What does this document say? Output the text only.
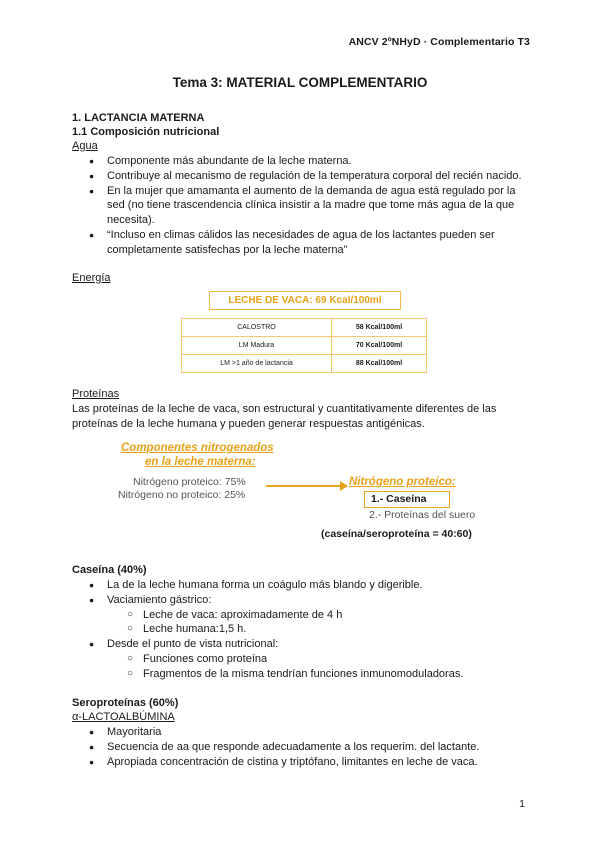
ANCV 2ºNHyD · Complementario T3
Tema 3: MATERIAL COMPLEMENTARIO
1. LACTANCIA MATERNA
1.1 Composición nutricional
Agua
● Componente más abundante de la leche materna.
● Contribuye al mecanismo de regulación de la temperatura corporal del recién nacido.
● En la mujer que amamanta el aumento de la demanda de agua está regulado por la sed (no tiene trascendencia clínica insistir a la madre que tome más agua de la que necesita).
● “Incluso en climas cálidos las necesidades de agua de los lactantes pueden ser completamente satisfechas por la leche materna”
Energía
LECHE DE VACA: 69 Kcal/100ml
CALOSTRO	58 Kcal/100ml
LM Madura	70 Kcal/100ml
LM >1 año de lactancia	88 Kcal/100ml
Proteínas
Las proteínas de la leche de vaca, son estructural y cuantitativamente diferentes de las proteínas de la leche humana y pueden generar respuestas antigénicas.
Componentes nitrogenados
en la leche materna:
Nitrógeno proteico: 75%
Nitrógeno no proteico: 25%
Nitrógeno proteico:
1.- Caseína
2.- Proteínas del suero
(caseína/seroproteína = 40:60)
Caseína (40%)
● La de la leche humana forma un coágulo más blando y digerible.
● Vaciamiento gástrico:
○ Leche de vaca: aproximadamente de 4 h
○ Leche humana:1,5 h.
● Desde el punto de vista nutricional:
○ Funciones como proteína
○ Fragmentos de la misma tendrían funciones inmunomoduladoras.
Seroproteínas (60%)
α-LACTOALBÚMINA
● Mayoritaria
● Secuencia de aa que responde adecuadamente a los requerim. del lactante.
● Apropiada concentración de cistina y triptófano, limitantes en leche de vaca.
1
